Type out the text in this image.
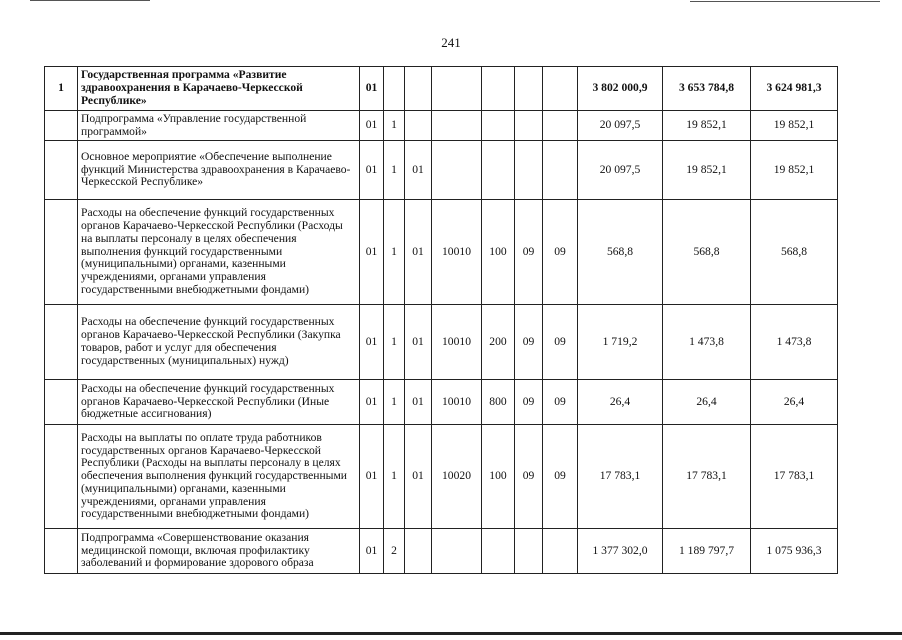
241
1	Государственная программа «Развитие здравоохранения в Карачаево-Черкесской Республике»	01							3 802 000,9	3 653 784,8	3 624 981,3
	Подпрограмма «Управление государственной программой»	01	1						20 097,5	19 852,1	19 852,1
	Основное мероприятие «Обеспечение выполнение функций Министерства здравоохранения в Карачаево-Черкесской Республике»	01	1	01					20 097,5	19 852,1	19 852,1
	Расходы на обеспечение функций государственных органов Карачаево-Черкесской Республики (Расходы на выплаты персоналу в целях обеспечения выполнения функций государственными (муниципальными) органами, казенными учреждениями, органами управления государственными внебюджетными фондами)	01	1	01	10010	100	09	09	568,8	568,8	568,8
	Расходы на обеспечение функций государственных органов Карачаево-Черкесской Республики (Закупка товаров, работ и услуг для обеспечения государственных (муниципальных) нужд)	01	1	01	10010	200	09	09	1 719,2	1 473,8	1 473,8
	Расходы на обеспечение функций государственных органов Карачаево-Черкесской Республики (Иные бюджетные ассигнования)	01	1	01	10010	800	09	09	26,4	26,4	26,4
	Расходы на выплаты по оплате труда работников государственных органов Карачаево-Черкесской Республики (Расходы на выплаты персоналу в целях обеспечения выполнения функций государственными (муниципальными) органами, казенными учреждениями, органами управления государственными внебюджетными фондами)	01	1	01	10020	100	09	09	17 783,1	17 783,1	17 783,1
	Подпрограмма «Совершенствование оказания медицинской помощи, включая профилактику заболеваний и формирование здорового образа	01	2						1 377 302,0	1 189 797,7	1 075 936,3
